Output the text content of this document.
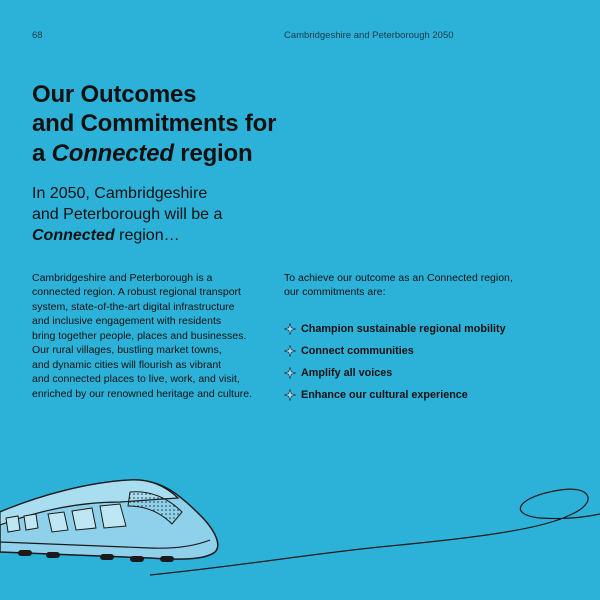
68	Cambridgeshire and Peterborough 2050
Our Outcomes
and Commitments for
a Connected region
In 2050, Cambridgeshire
and Peterborough will be a
Connected region…

Cambridgeshire and Peterborough is a
connected region. A robust regional transport
system, state-of-the-art digital infrastructure
and inclusive engagement with residents
bring together people, places and businesses.
Our rural villages, bustling market towns,
and dynamic cities will flourish as vibrant
and connected places to live, work, and visit,
enriched by our renowned heritage and culture.

To achieve our outcome as an Connected region,
our commitments are:

Champion sustainable regional mobility
Connect communities
Amplify all voices
Enhance our cultural experience
